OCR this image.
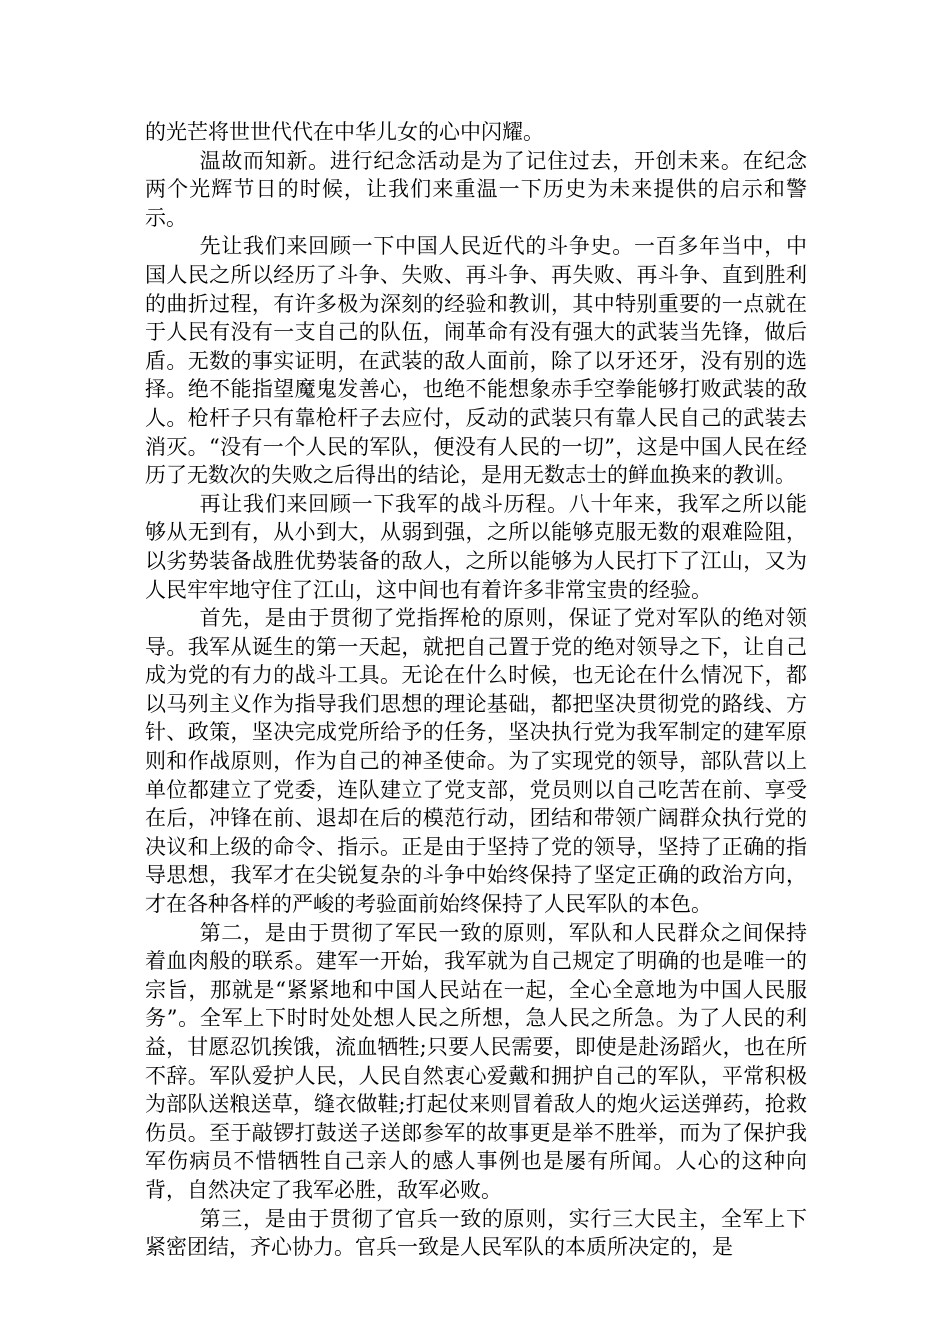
的光芒将世世代代在中华儿女的心中闪耀。

温故而知新。进行纪念活动是为了记住过去，开创未来。在纪念两个光辉节日的时候，让我们来重温一下历史为未来提供的启示和警示。

先让我们来回顾一下中国人民近代的斗争史。一百多年当中，中国人民之所以经历了斗争、失败、再斗争、再失败、再斗争、直到胜利的曲折过程，有许多极为深刻的经验和教训，其中特别重要的一点就在于人民有没有一支自己的队伍，闹革命有没有强大的武装当先锋，做后盾。无数的事实证明，在武装的敌人面前，除了以牙还牙，没有别的选择。绝不能指望魔鬼发善心，也绝不能想象赤手空拳能够打败武装的敌人。枪杆子只有靠枪杆子去应付，反动的武装只有靠人民自己的武装去消灭。“没有一个人民的军队，便没有人民的一切”，这是中国人民在经历了无数次的失败之后得出的结论，是用无数志士的鲜血换来的教训。

再让我们来回顾一下我军的战斗历程。八十年来，我军之所以能够从无到有，从小到大，从弱到强，之所以能够克服无数的艰难险阻，以劣势装备战胜优势装备的敌人，之所以能够为人民打下了江山，又为人民牢牢地守住了江山，这中间也有着许多非常宝贵的经验。

首先，是由于贯彻了党指挥枪的原则，保证了党对军队的绝对领导。我军从诞生的第一天起，就把自己置于党的绝对领导之下，让自己成为党的有力的战斗工具。无论在什么时候，也无论在什么情况下，都以马列主义作为指导我们思想的理论基础，都把坚决贯彻党的路线、方针、政策，坚决完成党所给予的任务，坚决执行党为我军制定的建军原则和作战原则，作为自己的神圣使命。为了实现党的领导，部队营以上单位都建立了党委，连队建立了党支部，党员则以自己吃苦在前、享受在后，冲锋在前、退却在后的模范行动，团结和带领广阔群众执行党的决议和上级的命令、指示。正是由于坚持了党的领导，坚持了正确的指导思想，我军才在尖锐复杂的斗争中始终保持了坚定正确的政治方向，才在各种各样的严峻的考验面前始终保持了人民军队的本色。

第二，是由于贯彻了军民一致的原则，军队和人民群众之间保持着血肉般的联系。建军一开始，我军就为自己规定了明确的也是唯一的宗旨，那就是“紧紧地和中国人民站在一起，全心全意地为中国人民服务”。全军上下时时处处想人民之所想，急人民之所急。为了人民的利益，甘愿忍饥挨饿，流血牺牲;只要人民需要，即使是赴汤蹈火，也在所不辞。军队爱护人民，人民自然衷心爱戴和拥护自己的军队，平常积极为部队送粮送草，缝衣做鞋;打起仗来则冒着敌人的炮火运送弹药，抢救伤员。至于敲锣打鼓送子送郎参军的故事更是举不胜举，而为了保护我军伤病员不惜牺牲自己亲人的感人事例也是屡有所闻。人心的这种向背，自然决定了我军必胜，敌军必败。

第三，是由于贯彻了官兵一致的原则，实行三大民主，全军上下紧密团结，齐心协力。官兵一致是人民军队的本质所决定的，是
